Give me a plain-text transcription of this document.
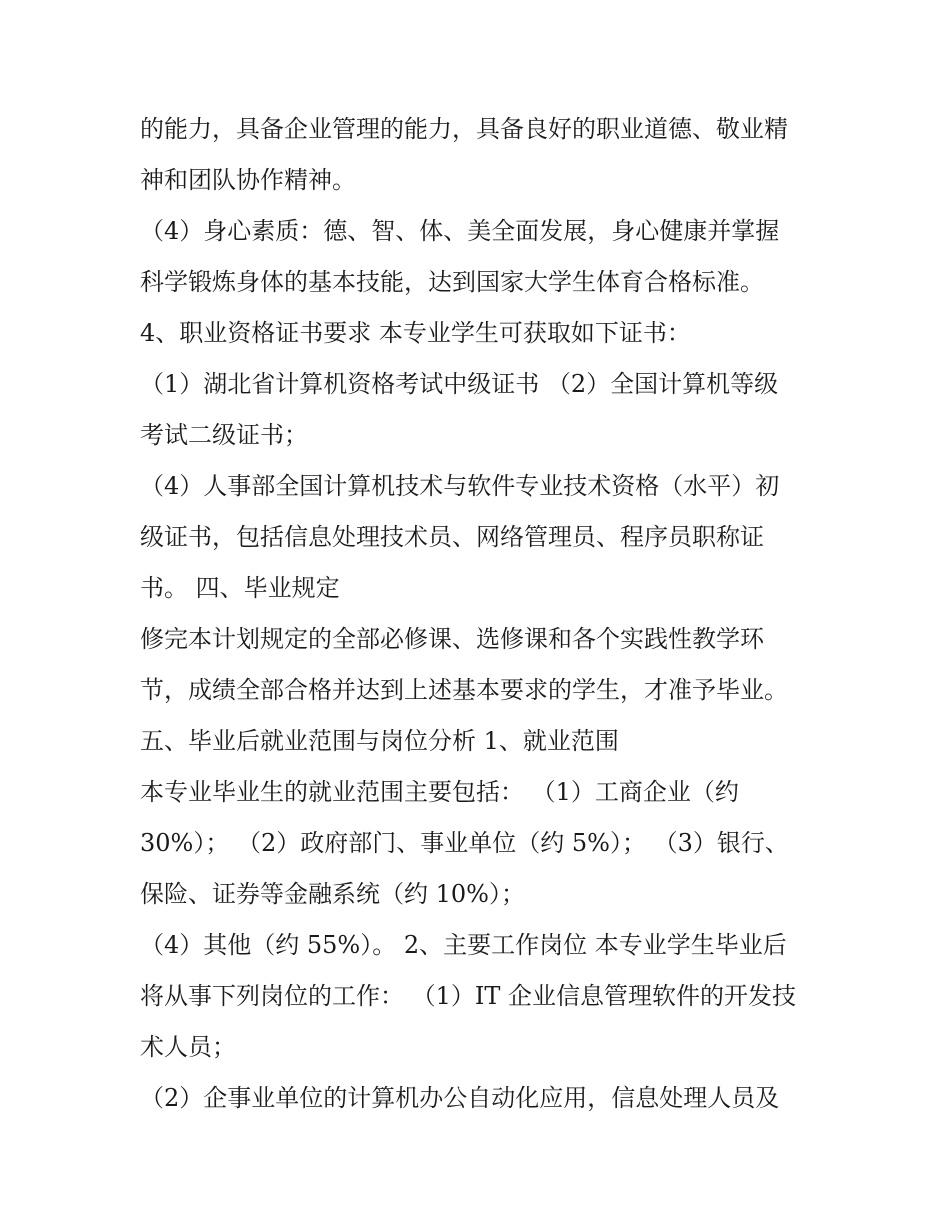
的能力，具备企业管理的能力，具备良好的职业道德、敬业精
神和团队协作精神。
（4）身心素质：德、智、体、美全面发展，身心健康并掌握
科学锻炼身体的基本技能，达到国家大学生体育合格标准。
4、职业资格证书要求 本专业学生可获取如下证书：
（1）湖北省计算机资格考试中级证书 （2）全国计算机等级
考试二级证书；
（4）人事部全国计算机技术与软件专业技术资格（水平）初
级证书，包括信息处理技术员、网络管理员、程序员职称证
书。 四、毕业规定
修完本计划规定的全部必修课、选修课和各个实践性教学环
节，成绩全部合格并达到上述基本要求的学生，才准予毕业。
五、毕业后就业范围与岗位分析 1、就业范围
本专业毕业生的就业范围主要包括： （1）工商企业（约
30%）； （2）政府部门、事业单位（约 5%）； （3）银行、
保险、证券等金融系统（约 10%）；
（4）其他（约 55%）。 2、主要工作岗位 本专业学生毕业后
将从事下列岗位的工作： （1）IT 企业信息管理软件的开发技
术人员；
（2）企事业单位的计算机办公自动化应用，信息处理人员及
